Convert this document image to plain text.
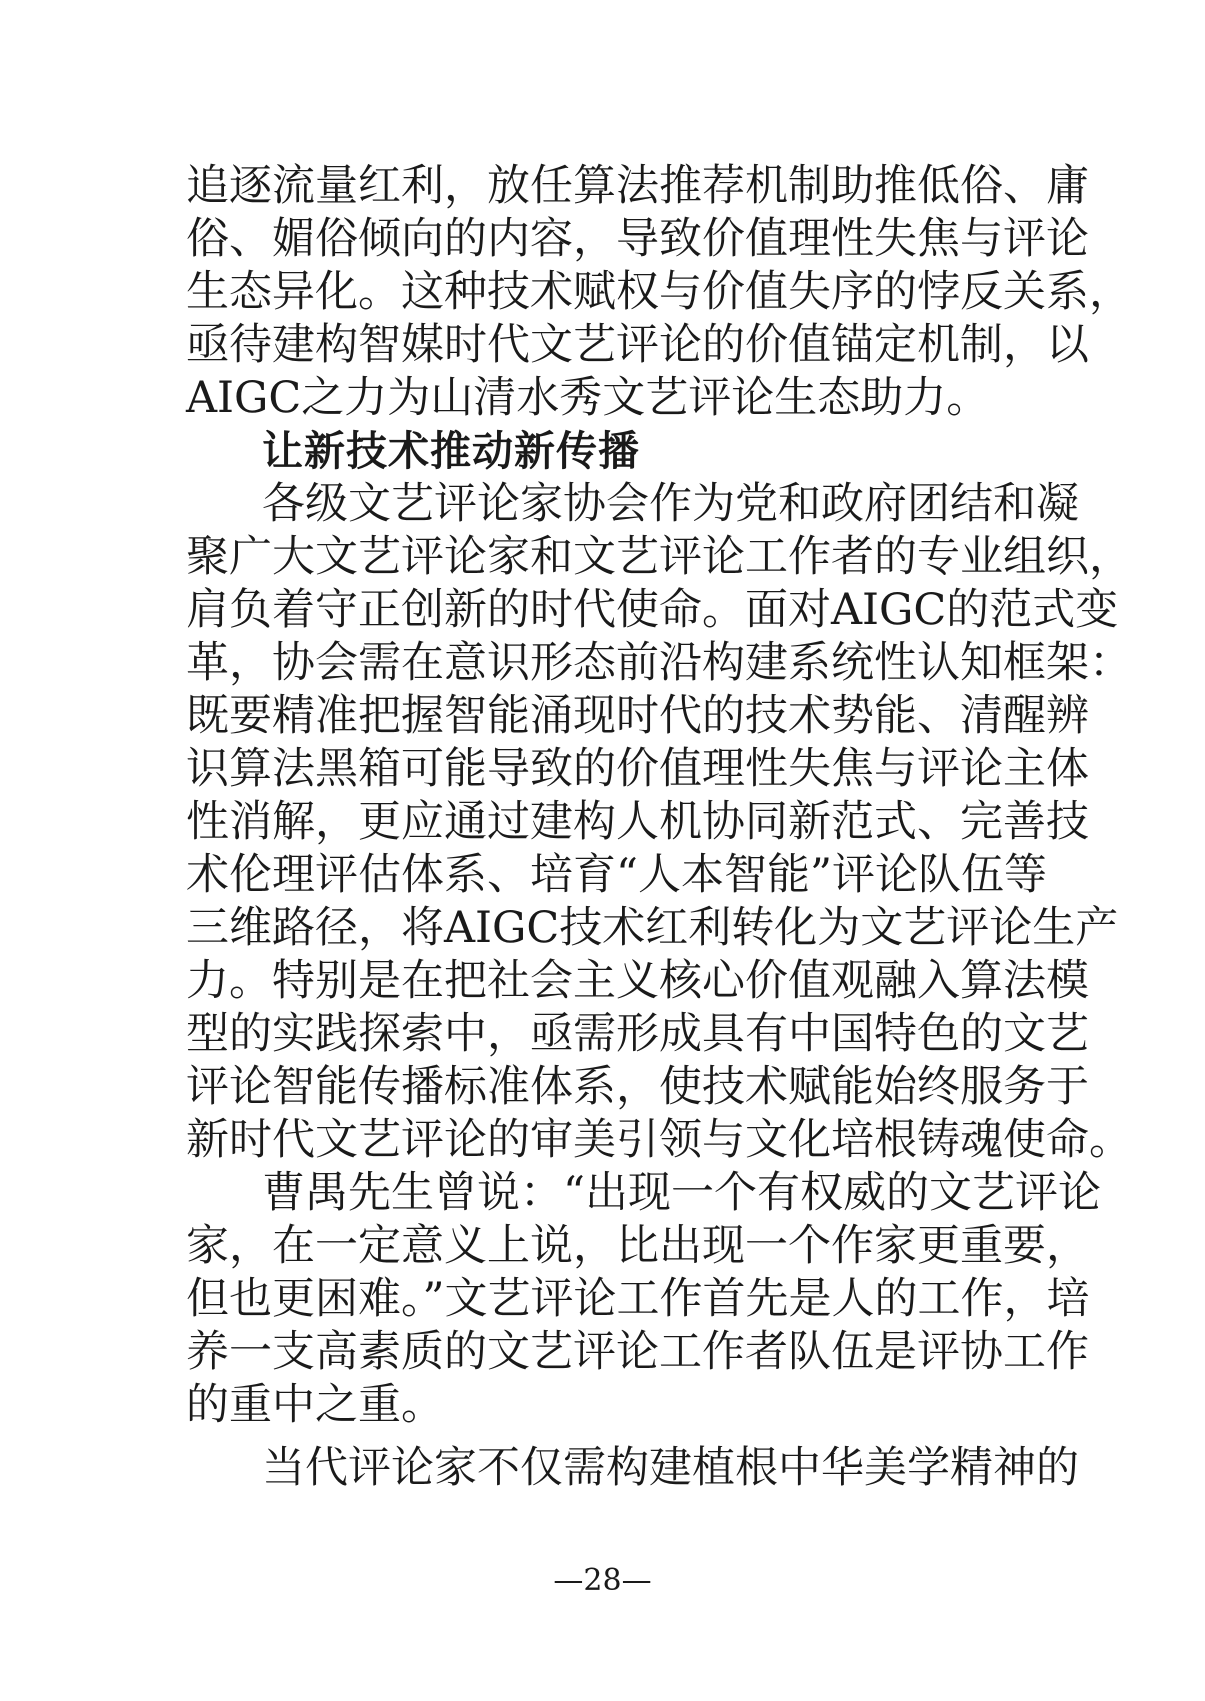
追逐流量红利，放任算法推荐机制助推低俗、庸
俗、媚俗倾向的内容，导致价值理性失焦与评论
生态异化。这种技术赋权与价值失序的悖反关系，
亟待建构智媒时代文艺评论的价值锚定机制，以
AIGC之力为山清水秀文艺评论生态助力。
让新技术推动新传播
各级文艺评论家协会作为党和政府团结和凝
聚广大文艺评论家和文艺评论工作者的专业组织，
肩负着守正创新的时代使命。面对AIGC的范式变
革，协会需在意识形态前沿构建系统性认知框架：
既要精准把握智能涌现时代的技术势能、清醒辨
识算法黑箱可能导致的价值理性失焦与评论主体
性消解，更应通过建构人机协同新范式、完善技
术伦理评估体系、培育“人本智能”评论队伍等
三维路径，将AIGC技术红利转化为文艺评论生产
力。特别是在把社会主义核心价值观融入算法模
型的实践探索中，亟需形成具有中国特色的文艺
评论智能传播标准体系，使技术赋能始终服务于
新时代文艺评论的审美引领与文化培根铸魂使命。
曹禺先生曾说：“出现一个有权威的文艺评论
家，在一定意义上说，比出现一个作家更重要，
但也更困难。”文艺评论工作首先是人的工作，培
养一支高素质的文艺评论工作者队伍是评协工作
的重中之重。
当代评论家不仅需构建植根中华美学精神的
—28—
